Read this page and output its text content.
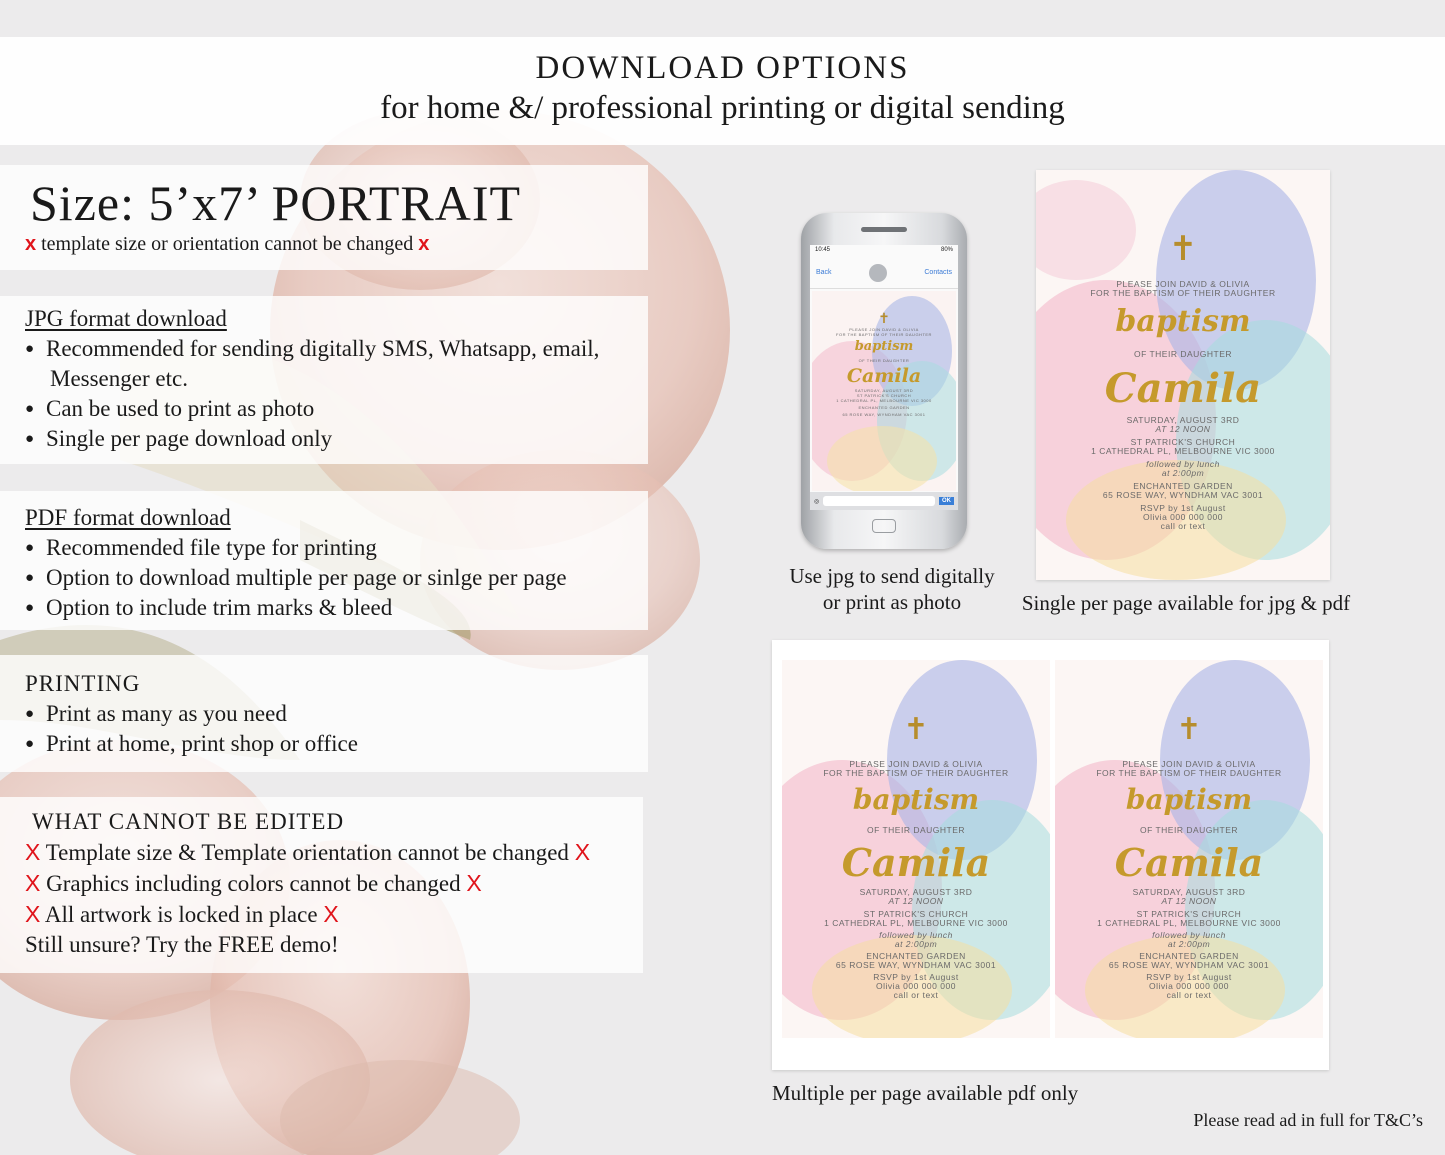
DOWNLOAD OPTIONS
for home &/ professional printing or digital sending
Size: 5’x7’ PORTRAIT
x template size or orientation cannot be changed x
JPG format download
● Recommended for sending digitally SMS, Whatsapp, email,
Messenger etc.
● Can be used to print as photo
● Single per page download only
PDF format download
● Recommended file type for printing
● Option to download multiple per page or sinlge per page
● Option to include trim marks & bleed
PRINTING
● Print as many as you need
● Print at home, print shop or office
WHAT CANNOT BE EDITED
X Template size & Template orientation cannot be changed X
X Graphics including colors cannot be changed X
X All artwork is locked in place X
Still unsure? Try the FREE demo!
10:45	80%
Back	Contacts
✝
PLEASE JOIN DAVID & OLIVIA
FOR THE BAPTISM OF THEIR DAUGHTER
baptism
OF THEIR DAUGHTER
Camila
SATURDAY, AUGUST 3RD
ST PATRICK'S CHURCH
1 CATHEDRAL PL, MELBOURNE VIC 3000
ENCHANTED GARDEN
65 ROSE WAY, WYNDHAM VAC 3001
◎	OK
Use jpg to send digitally
or print as photo
✝
PLEASE JOIN DAVID & OLIVIA
FOR THE BAPTISM OF THEIR DAUGHTER
baptism
OF THEIR DAUGHTER
Camila
SATURDAY, AUGUST 3RD
AT 12 NOON
ST PATRICK'S CHURCH
1 CATHEDRAL PL, MELBOURNE VIC 3000
followed by lunch
at 2:00pm
ENCHANTED GARDEN
65 ROSE WAY, WYNDHAM VAC 3001
RSVP by 1st August
Olivia 000 000 000
call or text
Single per page available for jpg & pdf
✝
PLEASE JOIN DAVID & OLIVIA
FOR THE BAPTISM OF THEIR DAUGHTER
baptism
OF THEIR DAUGHTER
Camila
SATURDAY, AUGUST 3RD
AT 12 NOON
ST PATRICK'S CHURCH
1 CATHEDRAL PL, MELBOURNE VIC 3000
followed by lunch
at 2:00pm
ENCHANTED GARDEN
65 ROSE WAY, WYNDHAM VAC 3001
RSVP by 1st August
Olivia 000 000 000
call or text
✝
PLEASE JOIN DAVID & OLIVIA
FOR THE BAPTISM OF THEIR DAUGHTER
baptism
OF THEIR DAUGHTER
Camila
SATURDAY, AUGUST 3RD
AT 12 NOON
ST PATRICK'S CHURCH
1 CATHEDRAL PL, MELBOURNE VIC 3000
followed by lunch
at 2:00pm
ENCHANTED GARDEN
65 ROSE WAY, WYNDHAM VAC 3001
RSVP by 1st August
Olivia 000 000 000
call or text
Multiple per page available pdf only
Please read ad in full for T&C’s
